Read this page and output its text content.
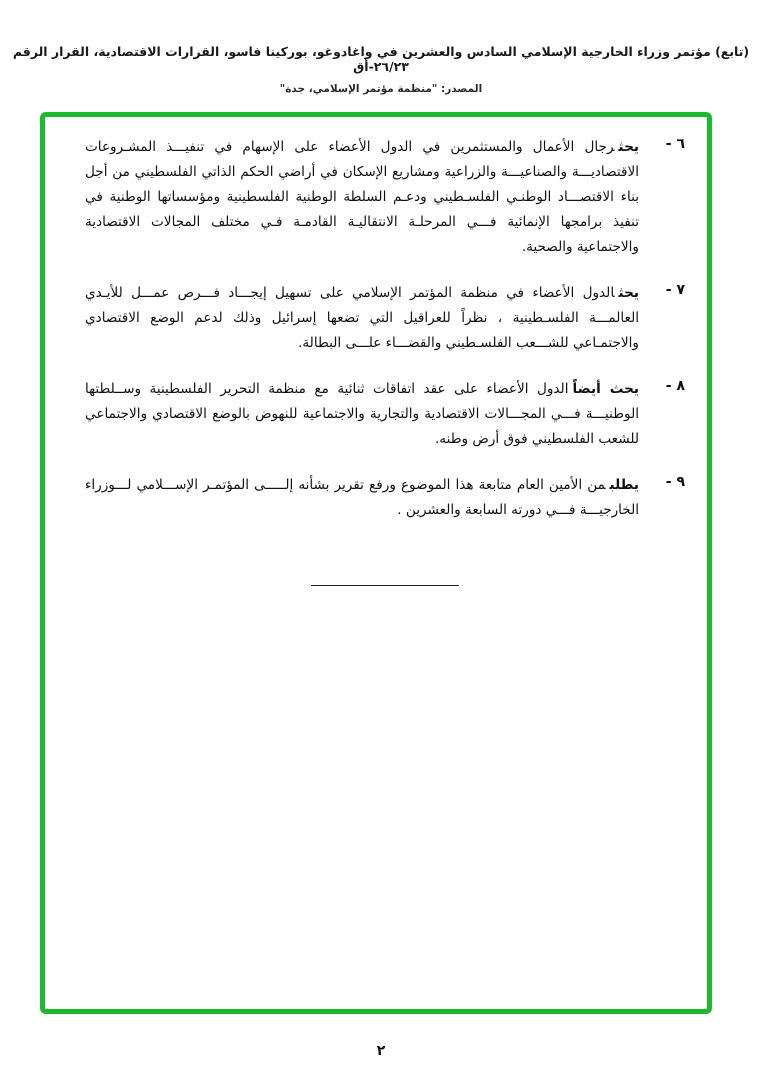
(تابع) مؤتمر وزراء الخارجية الإسلامي السادس والعشرين في واغادوغو، بوركينا فاسو، القرارات الاقتصادية، القرار الرقم ٢٦/٢٣-أق
المصدر: "منظمة مؤتمر الإسلامي، جدة"
٦ -
يحثرجال الأعمال والمستثمرين في الدول الأعضاء على الإسهام في تنفيـــذ المشـروعات الاقتصاديـــة والصناعيـــة والزراعية ومشاريع الإسكان في أراضي الحكم الذاتي الفلسطيني من أجل بناء الاقتصـــاد الوطنـي الفلسـطيني ودعـم السلطة الوطنية الفلسطينية ومؤسساتها الوطنية في تنفيذ برامجها الإنمائية فـــي المرحلـة الانتقاليـة القادمـة فـي مختلف المجالات الاقتصادية والاجتماعية والصحية.
٧ -
يحثالدول الأعضاء في منظمة المؤتمر الإسلامي على تسهيل إيجـــاد فـــرص عمـــل للأيـدي العالمـــة الفلسـطينية ، نظراً للعراقيل التي تضعها إسرائيل وذلك لدعم الوضع الاقتصادي والاجتمـاعي للشـــعب الفلسـطيني والقضـــاء علـــى البطالة.
٨ -
يحث أيضاًالدول الأعضاء على عقد اتفاقات ثنائية مع منظمة التحرير الفلسطينية وســلطتها الوطنيـــة فـــي المجـــالات الاقتصادية والتجارية والاجتماعية للنهوض بالوضع الاقتصادي والاجتماعي للشعب الفلسطيني فوق أرض وطنه.
٩ -
يطلبمن الأمين العام متابعة هذا الموضوع ورفع تقرير بشأنه إلـــــى المؤتمـر الإســـلامي لـــوزراء الخارجيـــة فـــي دورته السابعة والعشرين .
٢
